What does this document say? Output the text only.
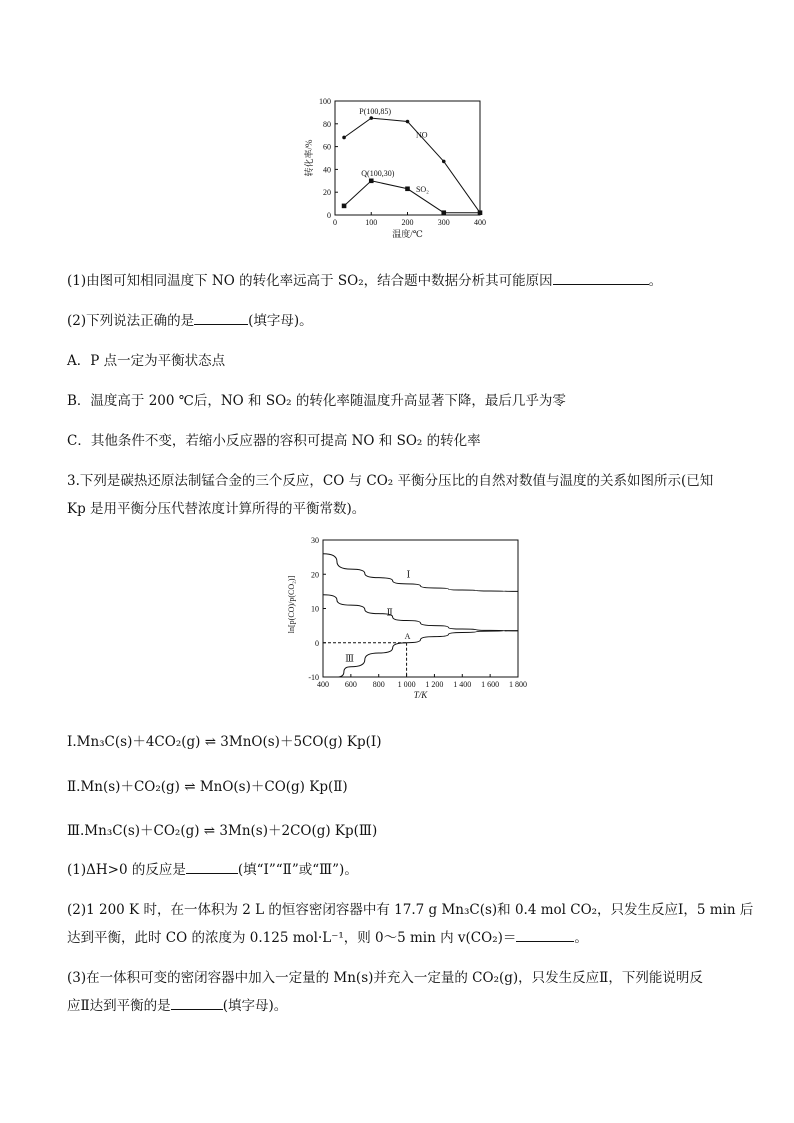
0
20
40
60
80
100
0	100	200	300	400
温度/℃
转化率/%
P(100,85)
Q(100,30)
NO
SO₂
(1)由图可知相同温度下 NO 的转化率远高于 SO₂，结合题中数据分析其可能原因	。
(2)下列说法正确的是	(填字母)。
A．P 点一定为平衡状态点
B．温度高于 200 ℃后，NO 和 SO₂ 的转化率随温度升高显著下降，最后几乎为零
C．其他条件不变，若缩小反应器的容积可提高 NO 和 SO₂ 的转化率
3.下列是碳热还原法制锰合金的三个反应，CO 与 CO₂ 平衡分压比的自然对数值与温度的关系如图所示(已知
Kp 是用平衡分压代替浓度计算所得的平衡常数)。
-10
0
10
20
30
400 600 800 1 000 1 200 1 400 1 600 1 800
T/K
ln[p(CO)/p(CO₂)]
Ⅰ
Ⅱ
Ⅲ
A
Ⅰ.Mn₃C(s)＋4CO₂(g) ⇌ 3MnO(s)＋5CO(g) Kp(Ⅰ)
Ⅱ.Mn(s)＋CO₂(g) ⇌ MnO(s)＋CO(g) Kp(Ⅱ)
Ⅲ.Mn₃C(s)＋CO₂(g) ⇌ 3Mn(s)＋2CO(g) Kp(Ⅲ)
(1)ΔH>0 的反应是	(填“Ⅰ”“Ⅱ”或“Ⅲ”)。
(2)1 200 K 时，在一体积为 2 L 的恒容密闭容器中有 17.7 g Mn₃C(s)和 0.4 mol CO₂，只发生反应Ⅰ，5 min 后
达到平衡，此时 CO 的浓度为 0.125 mol·L⁻¹，则 0～5 min 内 v(CO₂)＝	。
(3)在一体积可变的密闭容器中加入一定量的 Mn(s)并充入一定量的 CO₂(g)，只发生反应Ⅱ，下列能说明反
应Ⅱ达到平衡的是	(填字母)。
